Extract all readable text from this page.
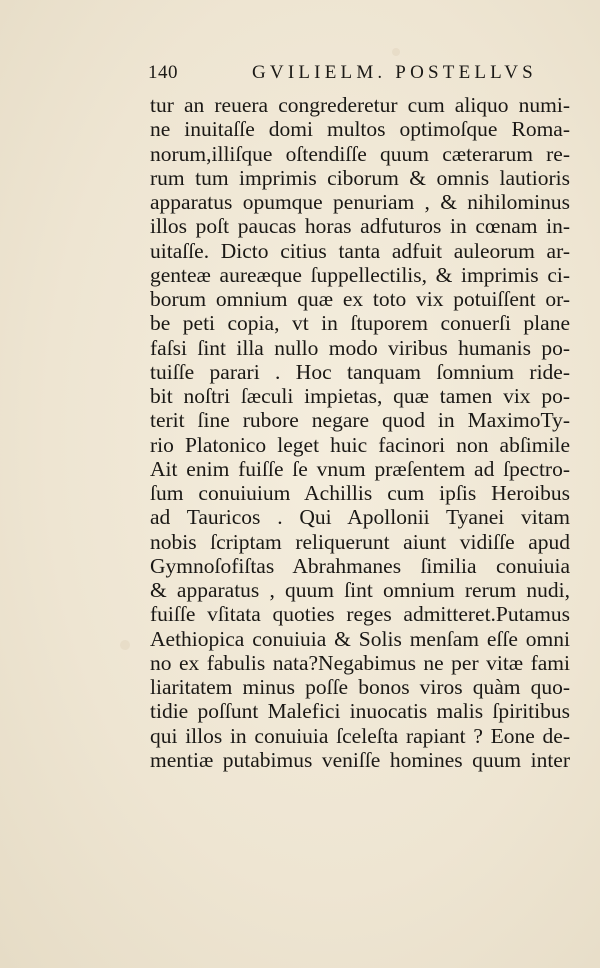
140	GVILIELM. POSTELLVS
tur an reuera congrederetur cum aliquo numi-
ne inuitaſſe domi multos optimoſque Roma-
norum,illiſque oſtendiſſe quum cæterarum re-
rum tum imprimis ciborum & omnis lautioris
apparatus opumque penuriam , & nihilominus
illos poſt paucas horas adfuturos in cœnam in-
uitaſſe. Dicto citius tanta adfuit auleorum ar-
genteæ aureæque ſuppellectilis, & imprimis ci-
borum omnium quæ ex toto vix potuiſſent or-
be peti copia, vt in ſtuporem conuerſi plane
faſsi ſint illa nullo modo viribus humanis po-
tuiſſe parari . Hoc tanquam ſomnium ride-
bit noſtri ſæculi impietas, quæ tamen vix po-
terit ſine rubore negare quod in MaximoTy-
rio Platonico leget huic facinori non abſimile
Ait enim fuiſſe ſe vnum præſentem ad ſpectro-
ſum conuiuium Achillis cum ipſis Heroibus
ad Tauricos . Qui Apollonii Tyanei vitam
nobis ſcriptam reliquerunt aiunt vidiſſe apud
Gymnoſofiſtas Abrahmanes ſimilia conuiuia
& apparatus , quum ſint omnium rerum nudi,
fuiſſe vſitata quoties reges admitteret.Putamus
Aethiopica conuiuia & Solis menſam eſſe omni
no ex fabulis nata?Negabimus ne per vitæ fami
liaritatem minus poſſe bonos viros quàm quo-
tidie poſſunt Malefici inuocatis malis ſpiritibus
qui illos in conuiuia ſceleſta rapiant ? Eone de-
mentiæ putabimus veniſſe homines quum inter
